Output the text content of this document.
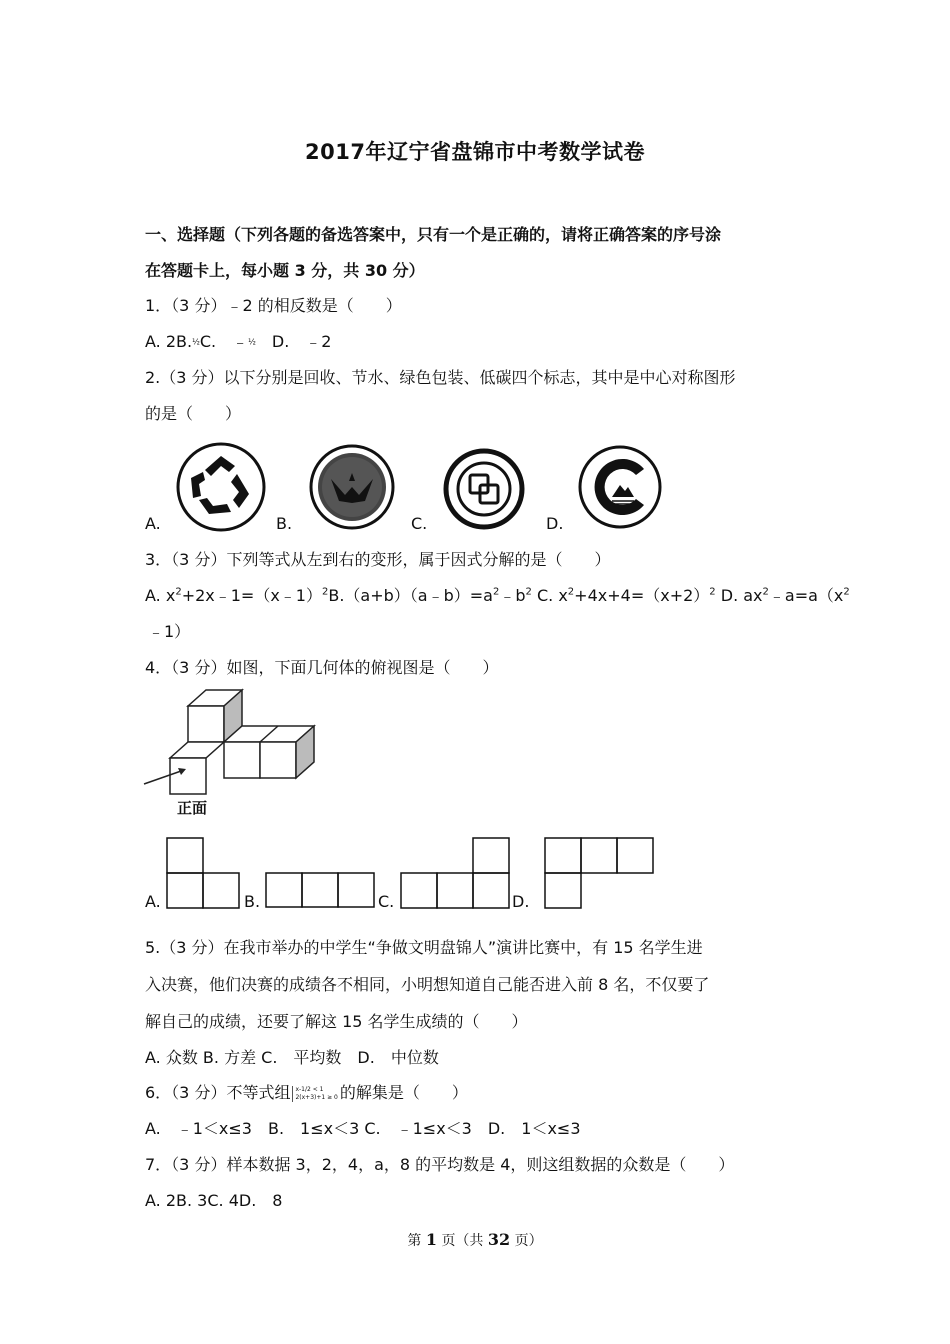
2017年辽宁省盘锦市中考数学试卷
一、选择题（下列各题的备选答案中，只有一个是正确的，请将正确答案的序号涂
在答题卡上，每小题 3 分，共 30 分）
1．（3 分）﹣2 的相反数是（　　）
A. 2B.½C.　﹣½　 D.　﹣2
2.（3 分）以下分别是回收、节水、绿色包装、低碳四个标志，其中是中心对称图形
的是（　　）
A.	B.	C.	D.
3．（3 分）下列等式从左到右的变形，属于因式分解的是（　　）
A. $x^2+2x﹣1=(x﹣1)^2B.(a+b)(a﹣b)=a^2﹣b^2$ C. $x^2+4x+4=(x+2)^2$ D. $ax^2﹣a=a(x^2$
﹣1）
4．（3 分）如图，下面几何体的俯视图是（　　）
正面
A.	B.	C.	D.
5.（3 分）在我市举办的中学生“争做文明盘锦人”演讲比赛中，有 15 名学生进
入决赛，他们决赛的成绩各不相同，小明想知道自己能否进入前 8 名，不仅要了
解自己的成绩，还要了解这 15 名学生成绩的（　　）
A. 众数 B. 方差 C.　平均数　D.　中位数
6．（3 分）不等式组 x-1/2 < 1
2(x+3)+1 ≥ 0 的解集是（　　）
A.　﹣1＜x≤3　B.　1≤x＜3 C.　﹣1≤x＜3　D.　1＜x≤3
7．（3 分）样本数据 3，2，4，a，8 的平均数是 4，则这组数据的众数是（　　）
A. 2B. 3C. 4D.　8
第 1 页（共 32 页）
